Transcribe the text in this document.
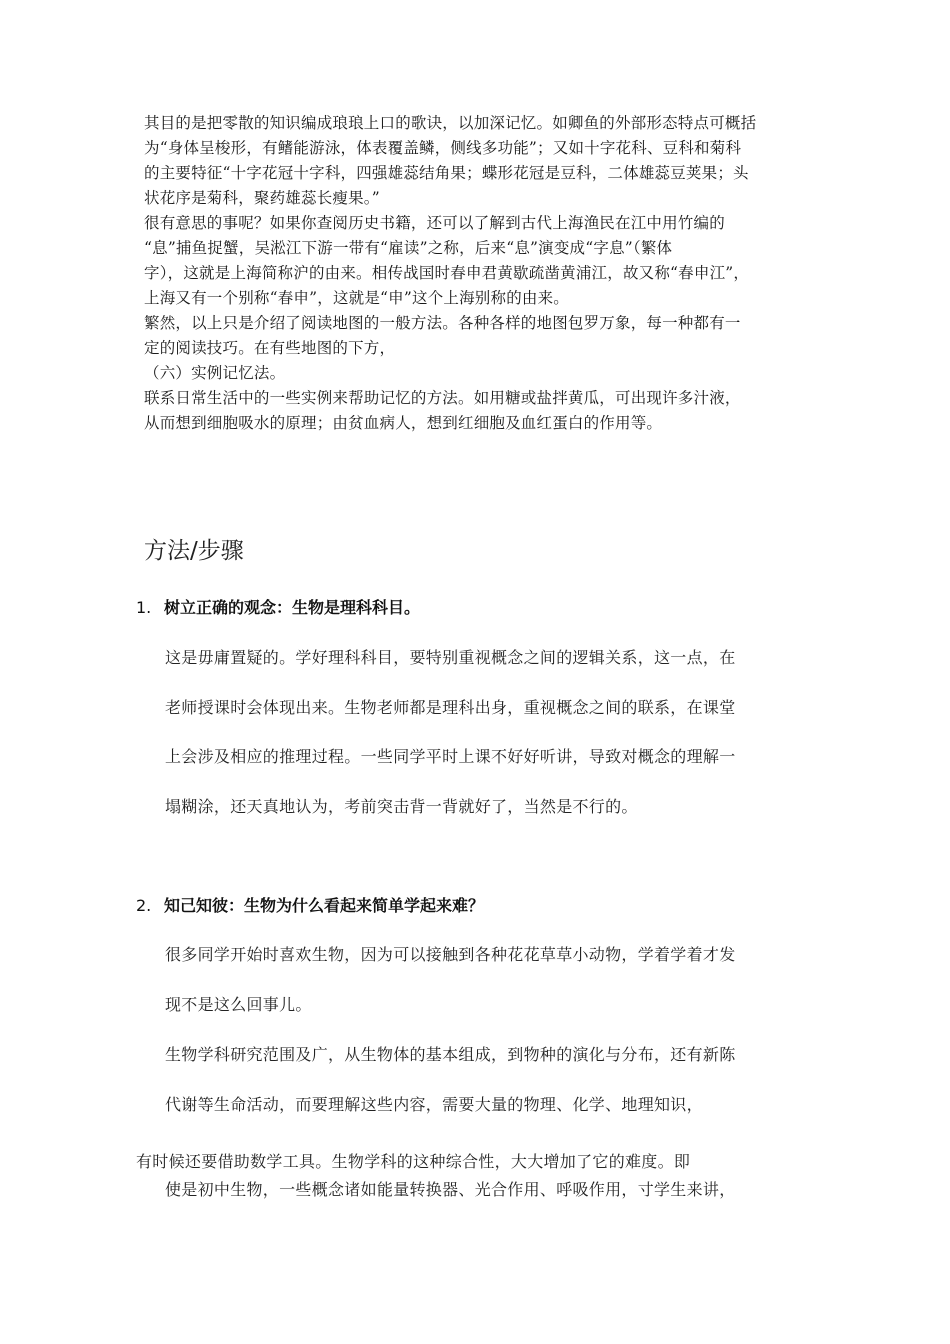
其目的是把零散的知识编成琅琅上口的歌诀，以加深记忆。如卿鱼的外部形态特点可概括
为“身体呈梭形，有鳍能游泳，体表覆盖鳞，侧线多功能”；又如十字花科、豆科和菊科
的主要特征“十字花冠十字科，四强雄蕊结角果；蝶形花冠是豆科，二体雄蕊豆荚果；头
状花序是菊科，聚药雄蕊长瘦果。”
很有意思的事呢？如果你查阅历史书籍，还可以了解到古代上海渔民在江中用竹编的
“息”捕鱼捉蟹，吴淞江下游一带有“雇读”之称，后来“息”演变成“字息”（繁体
字），这就是上海简称沪的由来。相传战国时春申君黄歇疏凿黄浦江，故又称“春申江”，
上海又有一个别称“春申”，这就是“申”这个上海别称的由来。
繁然，以上只是介绍了阅读地图的一般方法。各种各样的地图包罗万象，每一种都有一
定的阅读技巧。在有些地图的下方，
（六）实例记忆法。
联系日常生活中的一些实例来帮助记忆的方法。如用糖或盐拌黄瓜，可出现许多汁液，
从而想到细胞吸水的原理；由贫血病人，想到红细胞及血红蛋白的作用等。
方法/步骤
1. 树立正确的观念：生物是理科科目。
这是毋庸置疑的。学好理科科目，要特别重视概念之间的逻辑关系，这一点，在
老师授课时会体现出来。生物老师都是理科出身，重视概念之间的联系，在课堂
上会涉及相应的推理过程。一些同学平时上课不好好听讲，导致对概念的理解一
塌糊涂，还天真地认为，考前突击背一背就好了，当然是不行的。
2. 知己知彼：生物为什么看起来简单学起来难？
很多同学开始时喜欢生物，因为可以接触到各种花花草草小动物，学着学着才发
现不是这么回事儿。
生物学科研究范围及广，从生物体的基本组成，到物种的演化与分布，还有新陈
代谢等生命活动，而要理解这些内容，需要大量的物理、化学、地理知识，
有时候还要借助数学工具。生物学科的这种综合性，大大增加了它的难度。即
使是初中生物，一些概念诸如能量转换器、光合作用、呼吸作用，寸学生来讲，
